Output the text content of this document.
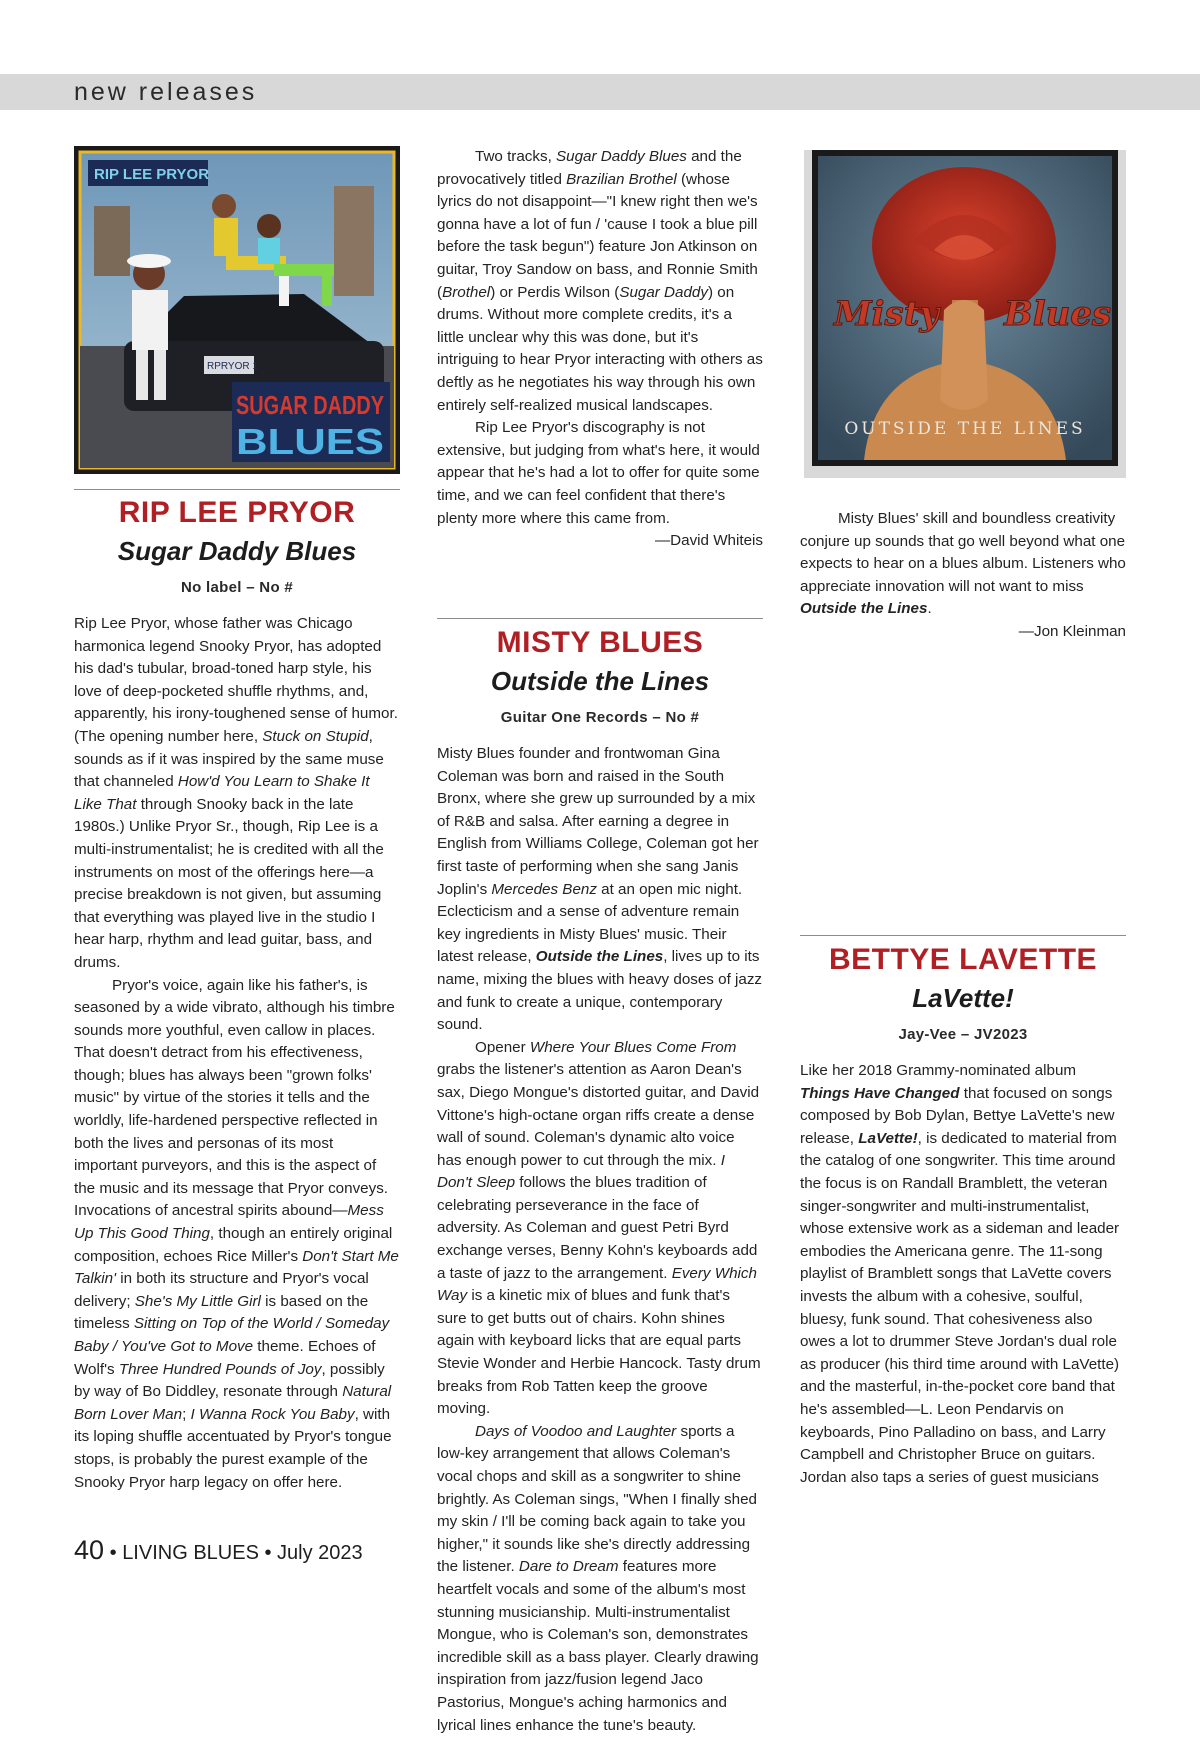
new releases
RIP LEE PRYOR
RPRYOR 1
SUGAR DADDY
BLUES
RIP LEE PRYOR
Sugar Daddy Blues

No label – No #

Rip Lee Pryor, whose father was Chicago harmonica legend Snooky Pryor, has adopted his dad's tubular, broad-toned harp style, his love of deep-pocketed shuffle rhythms, and, apparently, his irony-toughened sense of humor. (The opening number here, Stuck on Stupid, sounds as if it was inspired by the same muse that channeled How'd You Learn to Shake It Like That through Snooky back in the late 1980s.) Unlike Pryor Sr., though, Rip Lee is a multi-instrumentalist; he is credited with all the instruments on most of the offerings here—a precise breakdown is not given, but assuming that everything was played live in the studio I hear harp, rhythm and lead guitar, bass, and drums.

Pryor's voice, again like his father's, is seasoned by a wide vibrato, although his timbre sounds more youthful, even callow in places. That doesn't detract from his effectiveness, though; blues has always been "grown folks' music" by virtue of the stories it tells and the worldly, life-hardened perspective reflected in both the lives and personas of its most important purveyors, and this is the aspect of the music and its message that Pryor conveys. Invocations of ancestral spirits abound—Mess Up This Good Thing, though an entirely original composition, echoes Rice Miller's Don't Start Me Talkin' in both its structure and Pryor's vocal delivery; She's My Little Girl is based on the timeless Sitting on Top of the World / Someday Baby / You've Got to Move theme. Echoes of Wolf's Three Hundred Pounds of Joy, possibly by way of Bo Diddley, resonate through Natural Born Lover Man; I Wanna Rock You Baby, with its loping shuffle accentuated by Pryor's tongue stops, is probably the purest example of the Snooky Pryor harp legacy on offer here.

Two tracks, Sugar Daddy Blues and the provocatively titled Brazilian Brothel (whose lyrics do not disappoint—"I knew right then we's gonna have a lot of fun / 'cause I took a blue pill before the task begun") feature Jon Atkinson on guitar, Troy Sandow on bass, and Ronnie Smith (Brothel) or Perdis Wilson (Sugar Daddy) on drums. Without more complete credits, it's a little unclear why this was done, but it's intriguing to hear Pryor interacting with others as deftly as he negotiates his way through his own entirely self-realized musical landscapes.

Rip Lee Pryor's discography is not extensive, but judging from what's here, it would appear that he's had a lot to offer for quite some time, and we can feel confident that there's plenty more where this came from.

—David Whiteis

MISTY BLUES
Outside the Lines

Guitar One Records – No #

Misty Blues founder and frontwoman Gina Coleman was born and raised in the South Bronx, where she grew up surrounded by a mix of R&B and salsa. After earning a degree in English from Williams College, Coleman got her first taste of performing when she sang Janis Joplin's Mercedes Benz at an open mic night. Eclecticism and a sense of adventure remain key ingredients in Misty Blues' music. Their latest release, Outside the Lines, lives up to its name, mixing the blues with heavy doses of jazz and funk to create a unique, contemporary sound.

Opener Where Your Blues Come From grabs the listener's attention as Aaron Dean's sax, Diego Mongue's distorted guitar, and David Vittone's high-octane organ riffs create a dense wall of sound. Coleman's dynamic alto voice has enough power to cut through the mix. I Don't Sleep follows the blues tradition of celebrating perseverance in the face of adversity. As Coleman and guest Petri Byrd exchange verses, Benny Kohn's keyboards add a taste of jazz to the arrangement. Every Which Way is a kinetic mix of blues and funk that's sure to get butts out of chairs. Kohn shines again with keyboard licks that are equal parts Stevie Wonder and Herbie Hancock. Tasty drum breaks from Rob Tatten keep the groove moving.

Days of Voodoo and Laughter sports a low-key arrangement that allows Coleman's vocal chops and skill as a songwriter to shine brightly. As Coleman sings, "When I finally shed my skin / I'll be coming back again to take you higher," it sounds like she's directly addressing the listener. Dare to Dream features more heartfelt vocals and some of the album's most stunning musicianship. Multi-instrumentalist Mongue, who is Coleman's son, demonstrates incredible skill as a bass player. Clearly drawing inspiration from jazz/fusion legend Jaco Pastorius, Mongue's aching harmonics and lyrical lines enhance the tune's beauty.

Misty Blues
OUTSIDE THE LINES

Misty Blues' skill and boundless creativity conjure up sounds that go well beyond what one expects to hear on a blues album. Listeners who appreciate innovation will not want to miss Outside the Lines.

—Jon Kleinman

BETTYE LAVETTE
LaVette!

Jay-Vee – JV2023

Like her 2018 Grammy-nominated album Things Have Changed that focused on songs composed by Bob Dylan, Bettye LaVette's new release, LaVette!, is dedicated to material from the catalog of one songwriter. This time around the focus is on Randall Bramblett, the veteran singer-songwriter and multi-instrumentalist, whose extensive work as a sideman and leader embodies the Americana genre. The 11-song playlist of Bramblett songs that LaVette covers invests the album with a cohesive, soulful, bluesy, funk sound. That cohesiveness also owes a lot to drummer Steve Jordan's dual role as producer (his third time around with LaVette) and the masterful, in-the-pocket core band that he's assembled—L. Leon Pendarvis on keyboards, Pino Palladino on bass, and Larry Campbell and Christopher Bruce on guitars. Jordan also taps a series of guest musicians

40 • LIVING BLUES • July 2023
